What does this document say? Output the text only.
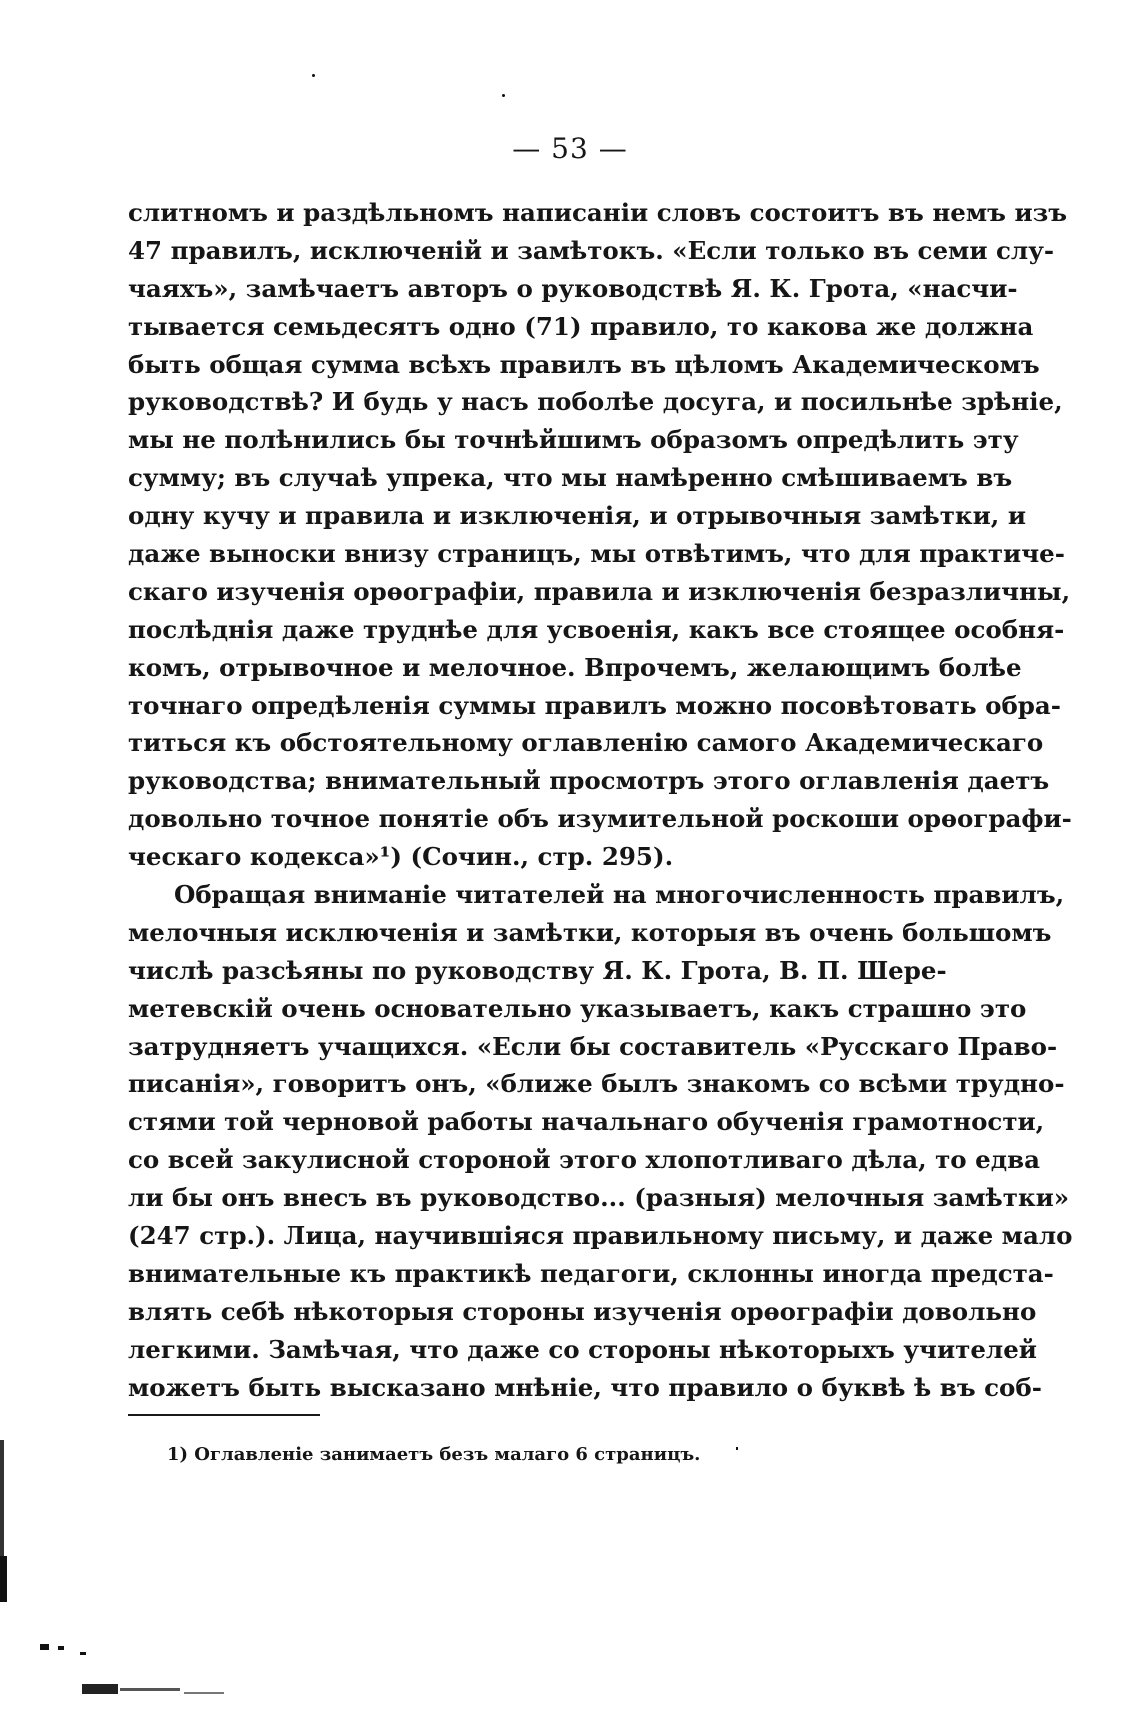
— 53 —
слитномъ и раздѣльномъ написаніи словъ состоитъ въ немъ изъ
47 правилъ, исключеній и замѣтокъ. «Если только въ семи слу-
чаяхъ», замѣчаетъ авторъ о руководствѣ Я. К. Грота, «насчи-
тывается семьдесятъ одно (71) правило, то какова же должна
быть общая сумма всѣхъ правилъ въ цѣломъ Академическомъ
руководствѣ? И будь у насъ поболѣе досуга, и посильнѣе зрѣніе,
мы не полѣнились бы точнѣйшимъ образомъ опредѣлить эту
сумму; въ случаѣ упрека, что мы намѣренно смѣшиваемъ въ
одну кучу и правила и изключенія, и отрывочныя замѣтки, и
даже выноски внизу страницъ, мы отвѣтимъ, что для практиче-
скаго изученія орѳографіи, правила и изключенія безразличны,
послѣднія даже труднѣе для усвоенія, какъ все стоящее особня-
комъ, отрывочное и мелочное. Впрочемъ, желающимъ болѣе
точнаго опредѣленія суммы правилъ можно посовѣтовать обра-
титься къ обстоятельному оглавленію самого Академическаго
руководства; внимательный просмотръ этого оглавленія даетъ
довольно точное понятіе объ изумительной роскоши орѳографи-
ческаго кодекса»¹) (Сочин., стр. 295).
Обращая вниманіе читателей на многочисленность правилъ,
мелочныя исключенія и замѣтки, которыя въ очень большомъ
числѣ разсѣяны по руководству Я. К. Грота, В. П. Шере-
метевскій очень основательно указываетъ, какъ страшно это
затрудняетъ учащихся. «Если бы составитель «Русскаго Право-
писанія», говоритъ онъ, «ближе былъ знакомъ со всѣми трудно-
стями той черновой работы начальнаго обученія грамотности,
со всей закулисной стороной этого хлопотливаго дѣла, то едва
ли бы онъ внесъ въ руководство... (разныя) мелочныя замѣтки»
(247 стр.). Лица, научившіяся правильному письму, и даже мало
внимательные къ практикѣ педагоги, склонны иногда предста-
влять себѣ нѣкоторыя стороны изученія орѳографіи довольно
легкими. Замѣчая, что даже со стороны нѣкоторыхъ учителей
можетъ быть высказано мнѣніе, что правило о буквѣ ѣ въ соб-
1) Оглавленіе занимаетъ безъ малаго 6 страницъ.
